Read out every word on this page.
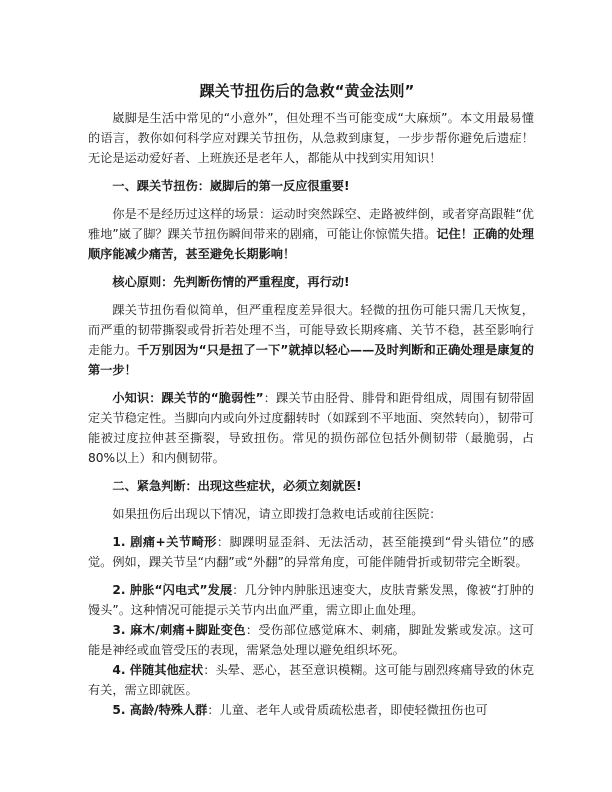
踝关节扭伤后的急救“黄金法则”

崴脚是生活中常见的“小意外”，但处理不当可能变成“大麻烦”。本文用最易懂的语言，教你如何科学应对踝关节扭伤，从急救到康复，一步步帮你避免后遗症！无论是运动爱好者、上班族还是老年人，都能从中找到实用知识！

一、踝关节扭伤：崴脚后的第一反应很重要!

你是不是经历过这样的场景：运动时突然踩空、走路被绊倒，或者穿高跟鞋“优雅地”崴了脚？踝关节扭伤瞬间带来的剧痛，可能让你惊慌失措。记住！正确的处理顺序能减少痛苦，甚至避免长期影响！

核心原则：先判断伤情的严重程度，再行动!

踝关节扭伤看似简单，但严重程度差异很大。轻微的扭伤可能只需几天恢复，而严重的韧带撕裂或骨折若处理不当，可能导致长期疼痛、关节不稳，甚至影响行走能力。千万别因为“只是扭了一下”就掉以轻心——及时判断和正确处理是康复的第一步！

小知识：踝关节的“脆弱性”：踝关节由胫骨、腓骨和距骨组成，周围有韧带固定关节稳定性。当脚向内或向外过度翻转时（如踩到不平地面、突然转向），韧带可能被过度拉伸甚至撕裂，导致扭伤。常见的损伤部位包括外侧韧带（最脆弱，占 80%以上）和内侧韧带。

二、紧急判断：出现这些症状，必须立刻就医!

如果扭伤后出现以下情况，请立即拨打急救电话或前往医院：

1. 剧痛+关节畸形：脚踝明显歪斜、无法活动，甚至能摸到“骨头错位”的感觉。例如，踝关节呈“内翻”或“外翻”的异常角度，可能伴随骨折或韧带完全断裂。

2. 肿胀“闪电式”发展：几分钟内肿胀迅速变大，皮肤青紫发黑，像被“打肿的馒头”。这种情况可能提示关节内出血严重，需立即止血处理。

3. 麻木/刺痛+脚趾变色：受伤部位感觉麻木、刺痛，脚趾发紫或发凉。这可能是神经或血管受压的表现，需紧急处理以避免组织坏死。

4. 伴随其他症状：头晕、恶心，甚至意识模糊。这可能与剧烈疼痛导致的休克有关，需立即就医。

5. 高龄/特殊人群：儿童、老年人或骨质疏松患者，即使轻微扭伤也可
